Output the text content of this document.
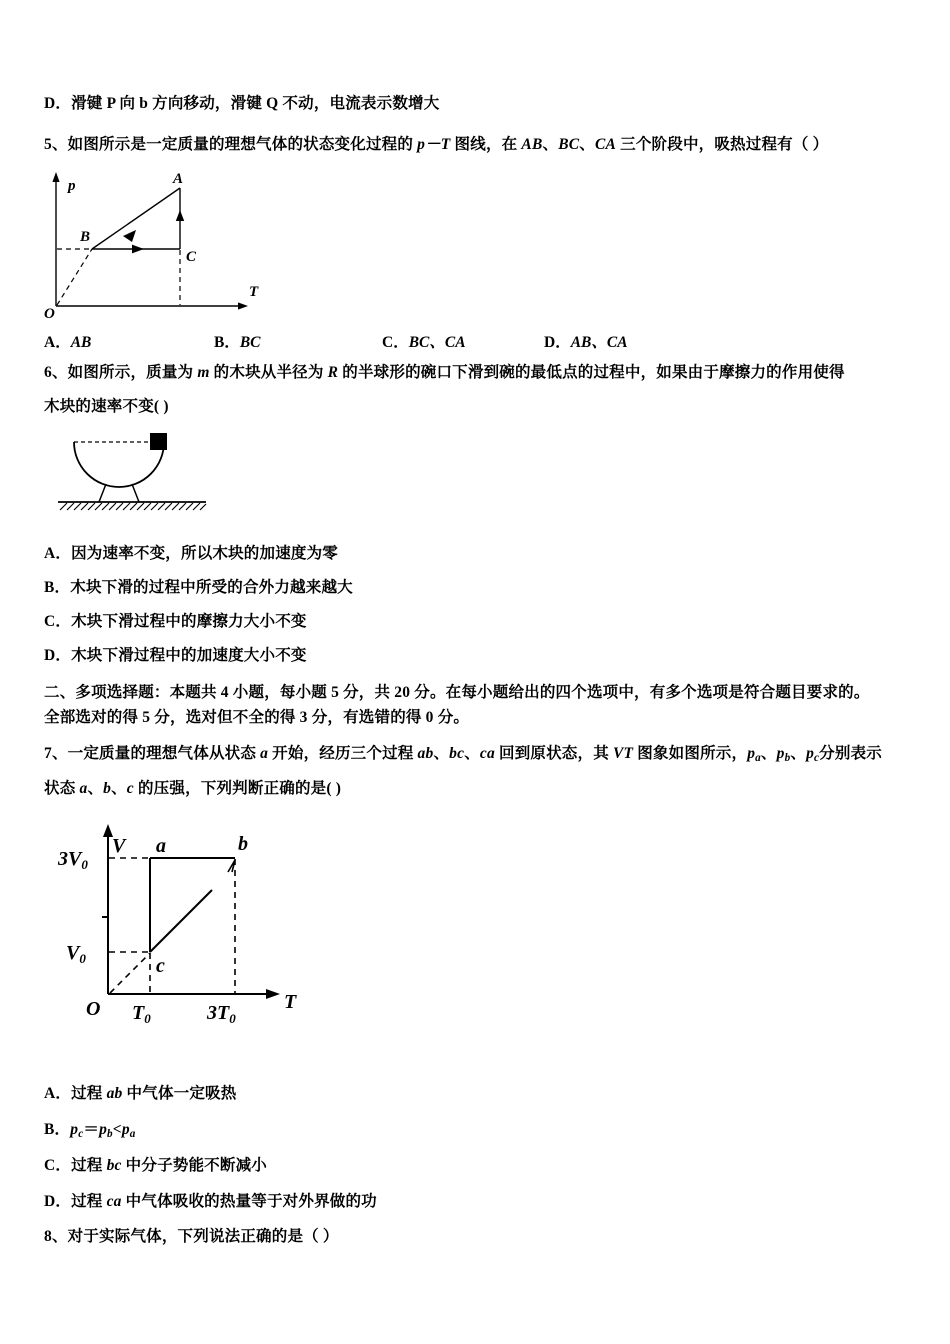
D．滑键 P 向 b 方向移动，滑键 Q 不动，电流表示数增大
5、如图所示是一定质量的理想气体的状态变化过程的 p－T 图线，在 AB、BC、CA 三个阶段中，吸热过程有（ ）
p
T
O
A
B
C
A．AB	B．BC	C．BC、CA	D．AB、CA
6、如图所示，质量为 m 的木块从半径为 R 的半球形的碗口下滑到碗的最低点的过程中，如果由于摩擦力的作用使得
木块的速率不变( )
A．因为速率不变，所以木块的加速度为零
B．木块下滑的过程中所受的合外力越来越大
C．木块下滑过程中的摩擦力大小不变
D．木块下滑过程中的加速度大小不变
二、多项选择题：本题共 4 小题，每小题 5 分，共 20 分。在每小题给出的四个选项中，有多个选项是符合题目要求的。
全部选对的得 5 分，选对但不全的得 3 分，有选错的得 0 分。
7、一定质量的理想气体从状态 a 开始，经历三个过程 ab、bc、ca 回到原状态，其 VT 图象如图所示，$p_a$、$p_b$、$p_c$分别表示
状态 a、b、c 的压强，下列判断正确的是( )
$3V_0$
$V_0$
V
T
O $T_0$	$3T_0$
a	b
c
A．过程 ab 中气体一定吸热
B．$p_c=p_b<p_a$
C．过程 bc 中分子势能不断减小
D．过程 ca 中气体吸收的热量等于对外界做的功
8、对于实际气体，下列说法正确的是（ ）
